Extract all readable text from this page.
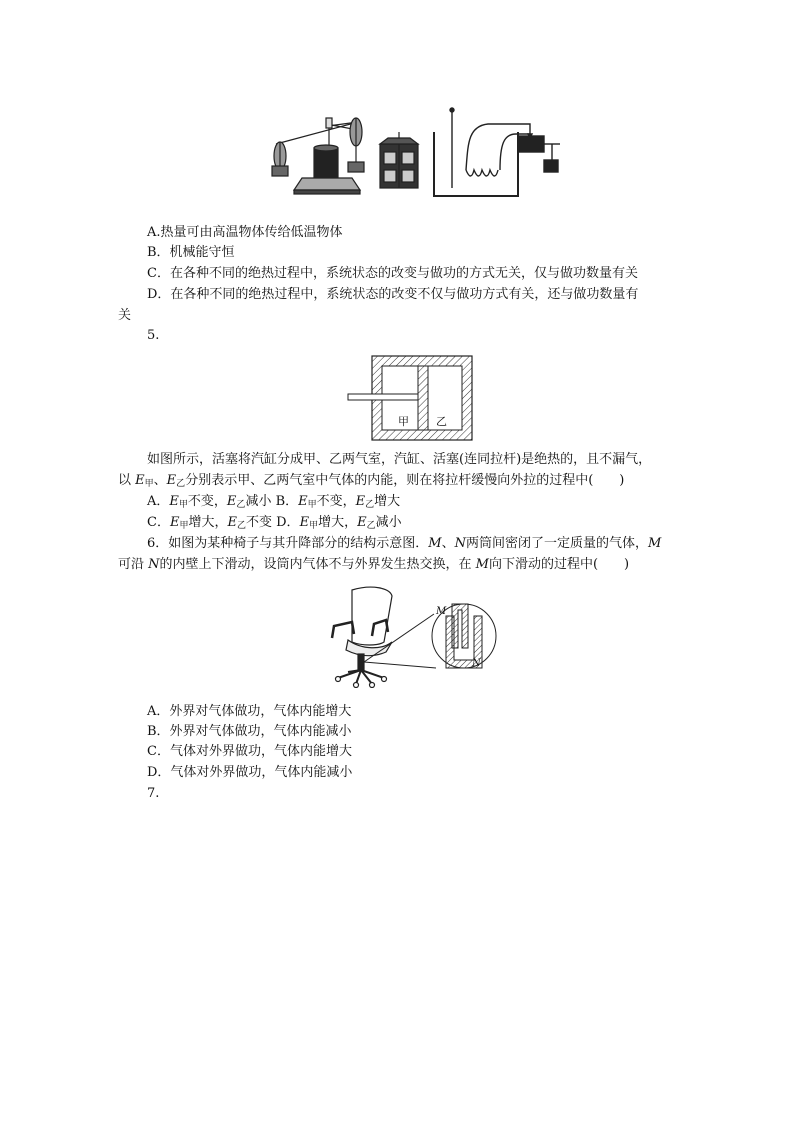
A.热量可由高温物体传给低温物体
B．机械能守恒
C．在各种不同的绝热过程中，系统状态的改变与做功的方式无关，仅与做功数量有关
D．在各种不同的绝热过程中，系统状态的改变不仅与做功方式有关，还与做功数量有
关
5.
甲 乙
如图所示，活塞将汽缸分成甲、乙两气室，汽缸、活塞(连同拉杆)是绝热的，且不漏气，
以 $E_甲$、$E_乙$分别表示甲、乙两气室中气体的内能，则在将拉杆缓慢向外拉的过程中(　　)
A．$E_甲$不变，$E_乙$减小 B．$E_甲$不变，$E_乙$增大
C．$E_甲$增大，$E_乙$不变 D．$E_甲$增大，$E_乙$减小
6．如图为某种椅子与其升降部分的结构示意图．M、N两筒间密闭了一定质量的气体，M
可沿 N的内壁上下滑动，设筒内气体不与外界发生热交换，在 M向下滑动的过程中(　　)
M
N
A．外界对气体做功，气体内能增大
B．外界对气体做功，气体内能减小
C．气体对外界做功，气体内能增大
D．气体对外界做功，气体内能减小
7.
